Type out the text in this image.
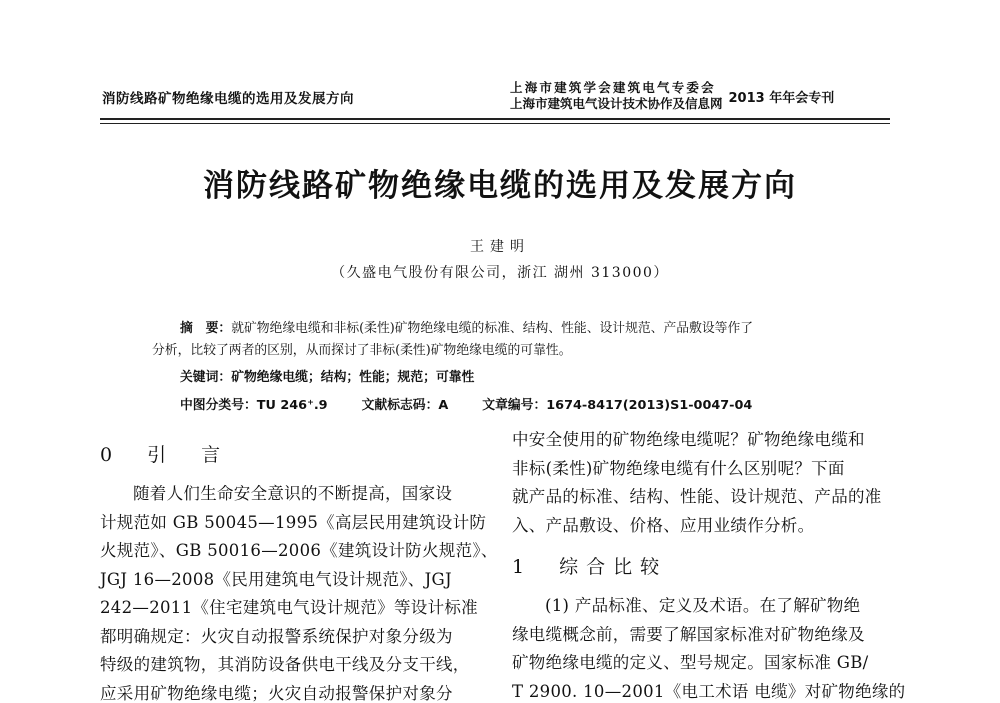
消防线路矿物绝缘电缆的选用及发展方向
上海市建筑学会建筑电气专委会
上海市建筑电气设计技术协作及信息网 2013 年年会专刊
消防线路矿物绝缘电缆的选用及发展方向
王建明
（久盛电气股份有限公司，浙江 湖州 313000）
摘　要：就矿物绝缘电缆和非标(柔性)矿物绝缘电缆的标准、结构、性能、设计规范、产品敷设等作了
分析，比较了两者的区别，从而探讨了非标(柔性)矿物绝缘电缆的可靠性。
关键词：矿物绝缘电缆；结构；性能；规范；可靠性
中图分类号：TU 246⁺.9	文献标志码：A	文章编号：1674-8417(2013)S1-0047-04
0　引　言
随着人们生命安全意识的不断提高，国家设
计规范如 GB 50045—1995《高层民用建筑设计防
火规范》、GB 50016—2006《建筑设计防火规范》、
JGJ 16—2008《民用建筑电气设计规范》、JGJ
242—2011《住宅建筑电气设计规范》等设计标准
都明确规定：火灾自动报警系统保护对象分级为
特级的建筑物，其消防设备供电干线及分支干线，
应采用矿物绝缘电缆；火灾自动报警保护对象分
中安全使用的矿物绝缘电缆呢？矿物绝缘电缆和
非标(柔性)矿物绝缘电缆有什么区别呢？下面
就产品的标准、结构、性能、设计规范、产品的准
入、产品敷设、价格、应用业绩作分析。
1　综合比较
(1) 产品标准、定义及术语。在了解矿物绝
缘电缆概念前，需要了解国家标准对矿物绝缘及
矿物绝缘电缆的定义、型号规定。国家标准 GB/
T 2900. 10—2001《电工术语 电缆》对矿物绝缘的
